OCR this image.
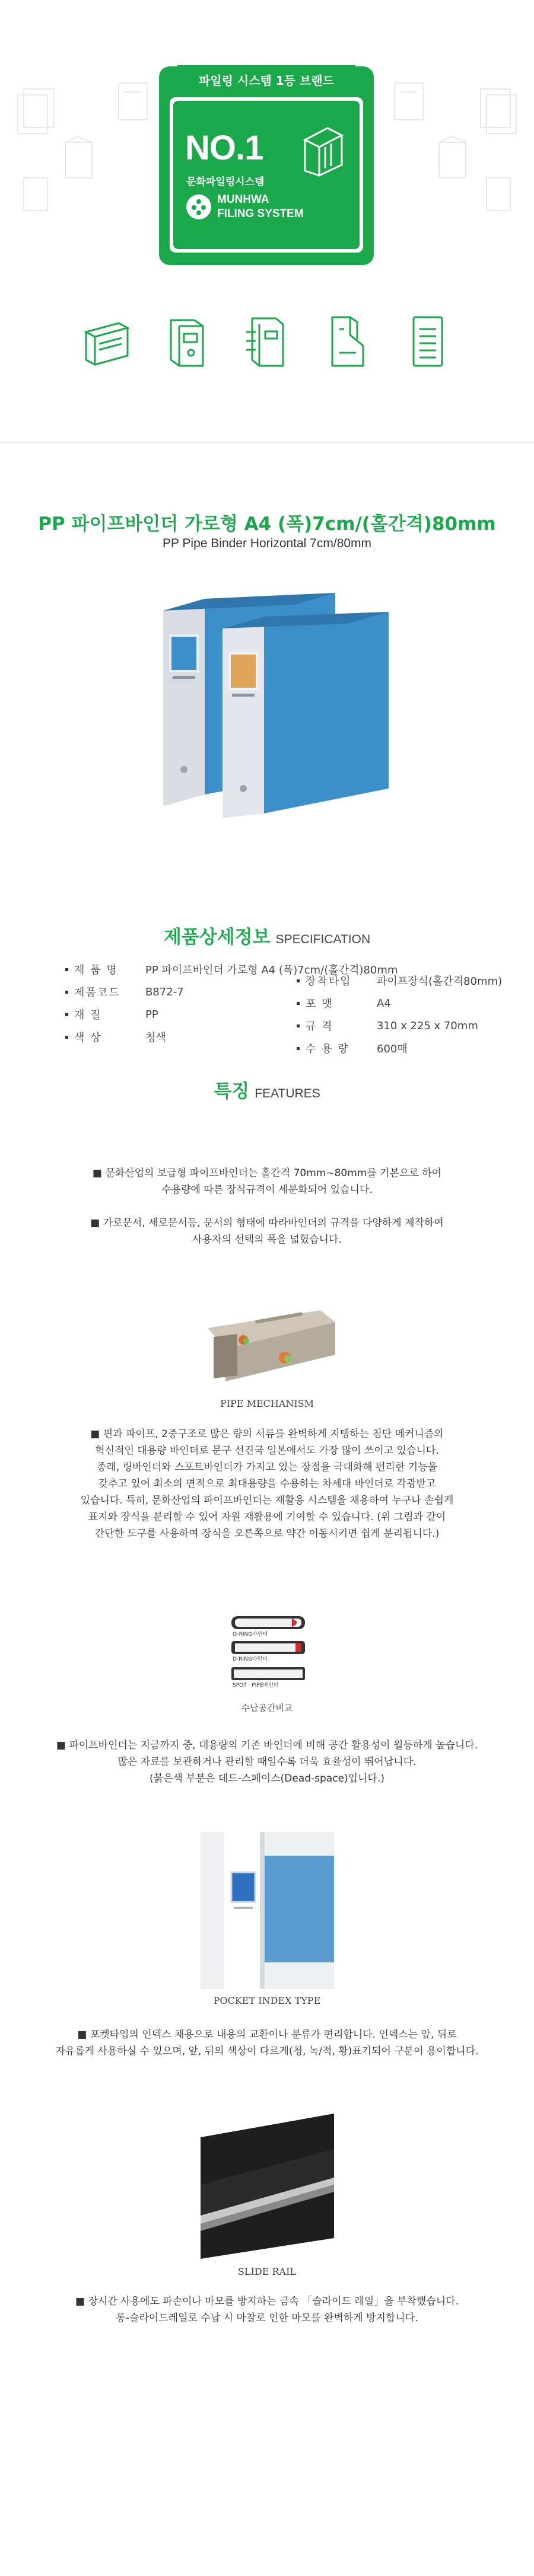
파일링 시스템 1등 브랜드
NO.1
문화파일링시스템
MUNHWA
FILING SYSTEM
PP 파이프바인더 가로형 A4 (폭)7cm/(홀간격)80mm
PP Pipe Binder Horizontal 7cm/80mm
제품상세정보 SPECIFICATION
제 품 명	PP 파이프바인더 가로형 A4 (폭)7cm/(홀간격)80mm
제품코드	B872-7
재 질	PP
색 상	청색
장착타입	파이프장식(홀간격80mm)
포 맷	A4
규 격	310 x 225 x 70mm
수 용 량	600매
특징 FEATURES
■ 문화산업의 보급형 파이프바인더는 홀간격 70mm~80mm를 기본으로 하여
수용량에 따른 장식규격이 세분화되어 있습니다.
■ 가로문서, 세로문서등, 문서의 형태에 따라바인더의 규격을 다양하게 제작하여
사용자의 선택의 폭을 넓혔습니다.
PIPE MECHANISM
■ 핀과 파이프, 2중구조로 많은 량의 서류를 완벽하게 지탱하는 첨단 메커니즘의
혁신적인 대용량 바인더로 문구 선진국 일본에서도 가장 많이 쓰이고 있습니다.
종래, 링바인더와 스포트바인더가 가지고 있는 장점을 극대화해 편리한 기능을
갖추고 있어 최소의 면적으로 최대용량을 수용하는 차세대 바인더로 각광받고
있습니다. 특히, 문화산업의 파이프바인더는 재활용 시스템을 채용하여 누구나 손쉽게
표지와 장식을 분리할 수 있어 자원 재활용에 기여할 수 있습니다. (위 그림과 같이
간단한 도구를 사용하여 장식을 오른쪽으로 약간 이동시키면 쉽게 분리됩니다.)
O-RING바인더
D-RING바인더
SPOT · PIPE바인더
수납공간비교
■ 파이프바인더는 지금까지 중, 대용량의 기존 바인더에 비해 공간 활용성이 월등하게 높습니다.
많은 자료를 보관하거나 관리할 때일수록 더욱 효율성이 뛰어납니다.
(붉은색 부분은 데드-스페이스(Dead-space)입니다.)
POCKET INDEX TYPE
■ 포켓타입의 인덱스 채용으로 내용의 교환이나 분류가 편리합니다. 인덱스는 앞, 뒤로
자유롭게 사용하실 수 있으며, 앞, 뒤의 색상이 다르게(청, 녹/적, 황)표기되어 구분이 용이합니다.
SLIDE RAIL
■ 장시간 사용에도 파손이나 마모를 방지하는 금속 「슬라이드 레일」을 부착했습니다.
롱-슬라이드레일로 수납 시 마찰로 인한 마모를 완벽하게 방지합니다.
